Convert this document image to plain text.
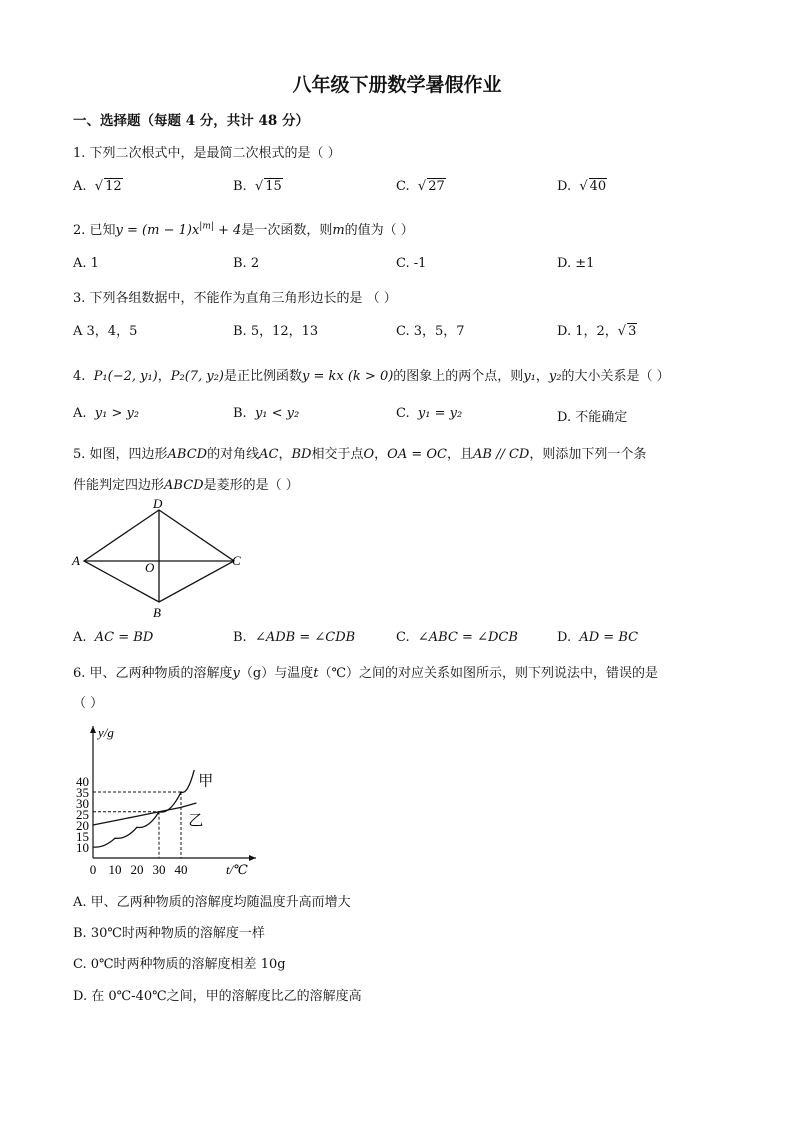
八年级下册数学暑假作业
一、选择题（每题 4 分，共计 48 分）
1. 下列二次根式中，是最简二次根式的是（ ）
A.  √ 12	B.  √ 15	C.  √ 27	D.  √ 40
2. 已知$y = (m - 1)x^{|m|} + 4$是一次函数，则m的值为（ ）
A. 1	B. 2	C. -1	D. ±1
3. 下列各组数据中，不能作为直角三角形边长的是 （ ）
A 3，4，5	B. 5，12，13	C. 3，5，7	D. 1，2，√ 3
4. P₁(−2, y₁)，P₂(7, y₂)是正比例函数y = kx (k > 0)的图象上的两个点，则y₁，y₂的大小关系是（ ）
A. y₁ > y₂	B. y₁ < y₂	C. y₁ = y₂	D. 不能确定
5. 如图，四边形ABCD的对角线AC，BD相交于点O，OA = OC，且AB // CD，则添加下列一个条
件能判定四边形ABCD是菱形的是（ ）
D
A	O	C
B
A. AC = BD	B. ∠ADB = ∠CDB	C. ∠ABC = ∠DCB	D. AD = BC
6. 甲、乙两种物质的溶解度y（g）与温度t（℃）之间的对应关系如图所示，则下列说法中，错误的是
（ ）
y/g
t/℃
10
15
20
25
30
35
40
0 10 20 30 40
甲
乙
A. 甲、乙两种物质的溶解度均随温度升高而增大
B. 30℃时两种物质的溶解度一样
C. 0℃时两种物质的溶解度相差 10g
D. 在 0℃-40℃之间，甲的溶解度比乙的溶解度高
